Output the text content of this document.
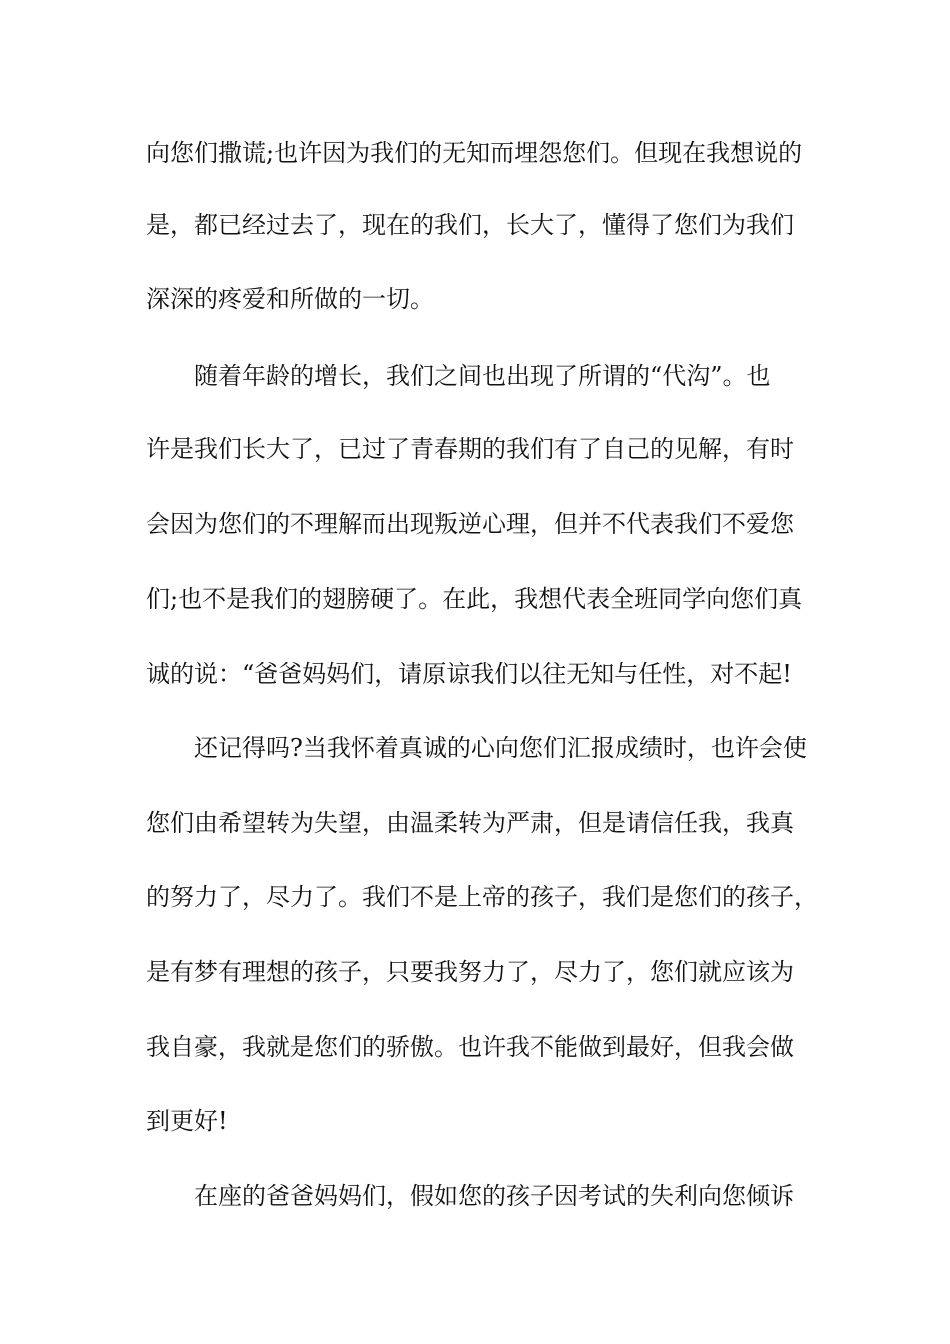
向您们撒谎;也许因为我们的无知而埋怨您们。但现在我想说的
是，都已经过去了，现在的我们，长大了，懂得了您们为我们
深深的疼爱和所做的一切。
随着年龄的增长，我们之间也出现了所谓的“代沟”。也
许是我们长大了，已过了青春期的我们有了自己的见解，有时
会因为您们的不理解而出现叛逆心理，但并不代表我们不爱您
们;也不是我们的翅膀硬了。在此，我想代表全班同学向您们真
诚的说：“爸爸妈妈们，请原谅我们以往无知与任性，对不起!
还记得吗?当我怀着真诚的心向您们汇报成绩时，也许会使
您们由希望转为失望，由温柔转为严肃，但是请信任我，我真
的努力了，尽力了。我们不是上帝的孩子，我们是您们的孩子，
是有梦有理想的孩子，只要我努力了，尽力了，您们就应该为
我自豪，我就是您们的骄傲。也许我不能做到最好，但我会做
到更好!
在座的爸爸妈妈们，假如您的孩子因考试的失利向您倾诉
